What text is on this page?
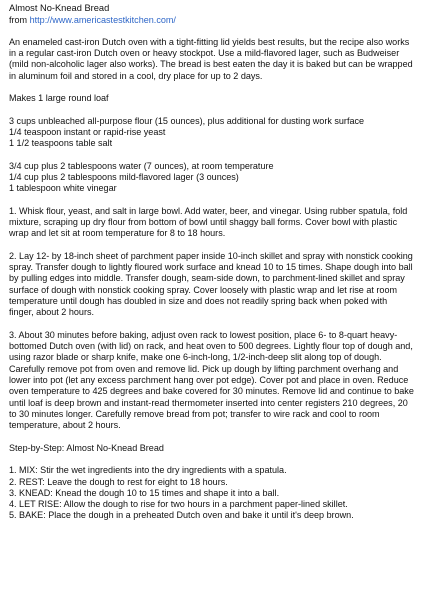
Almost No-Knead Bread
from http://www.americastestkitchen.com/

An enameled cast-iron Dutch oven with a tight-fitting lid yields best results, but the recipe also works in a regular cast-iron Dutch oven or heavy stockpot. Use a mild-flavored lager, such as Budweiser (mild non-alcoholic lager also works). The bread is best eaten the day it is baked but can be wrapped in aluminum foil and stored in a cool, dry place for up to 2 days.

Makes 1 large round loaf

3 cups unbleached all-purpose flour (15 ounces), plus additional for dusting work surface
1/4 teaspoon instant or rapid-rise yeast
1 1/2 teaspoons table salt

3/4 cup plus 2 tablespoons water (7 ounces), at room temperature
1/4 cup plus 2 tablespoons mild-flavored lager (3 ounces)
1 tablespoon white vinegar

1. Whisk flour, yeast, and salt in large bowl. Add water, beer, and vinegar. Using rubber spatula, fold mixture, scraping up dry flour from bottom of bowl until shaggy ball forms. Cover bowl with plastic wrap and let sit at room temperature for 8 to 18 hours.

2. Lay 12- by 18-inch sheet of parchment paper inside 10-inch skillet and spray with nonstick cooking spray. Transfer dough to lightly floured work surface and knead 10 to 15 times. Shape dough into ball by pulling edges into middle. Transfer dough, seam-side down, to parchment-lined skillet and spray surface of dough with nonstick cooking spray. Cover loosely with plastic wrap and let rise at room temperature until dough has doubled in size and does not readily spring back when poked with finger, about 2 hours.

3. About 30 minutes before baking, adjust oven rack to lowest position, place 6- to 8-quart heavy-bottomed Dutch oven (with lid) on rack, and heat oven to 500 degrees. Lightly flour top of dough and, using razor blade or sharp knife, make one 6-inch-long, 1/2-inch-deep slit along top of dough. Carefully remove pot from oven and remove lid. Pick up dough by lifting parchment overhang and lower into pot (let any excess parchment hang over pot edge). Cover pot and place in oven. Reduce oven temperature to 425 degrees and bake covered for 30 minutes. Remove lid and continue to bake until loaf is deep brown and instant-read thermometer inserted into center registers 210 degrees, 20 to 30 minutes longer. Carefully remove bread from pot; transfer to wire rack and cool to room temperature, about 2 hours.

Step-by-Step: Almost No-Knead Bread

1. MIX: Stir the wet ingredients into the dry ingredients with a spatula.
2. REST: Leave the dough to rest for eight to 18 hours.
3. KNEAD: Knead the dough 10 to 15 times and shape it into a ball.
4. LET RISE: Allow the dough to rise for two hours in a parchment paper-lined skillet.
5. BAKE: Place the dough in a preheated Dutch oven and bake it until it's deep brown.
